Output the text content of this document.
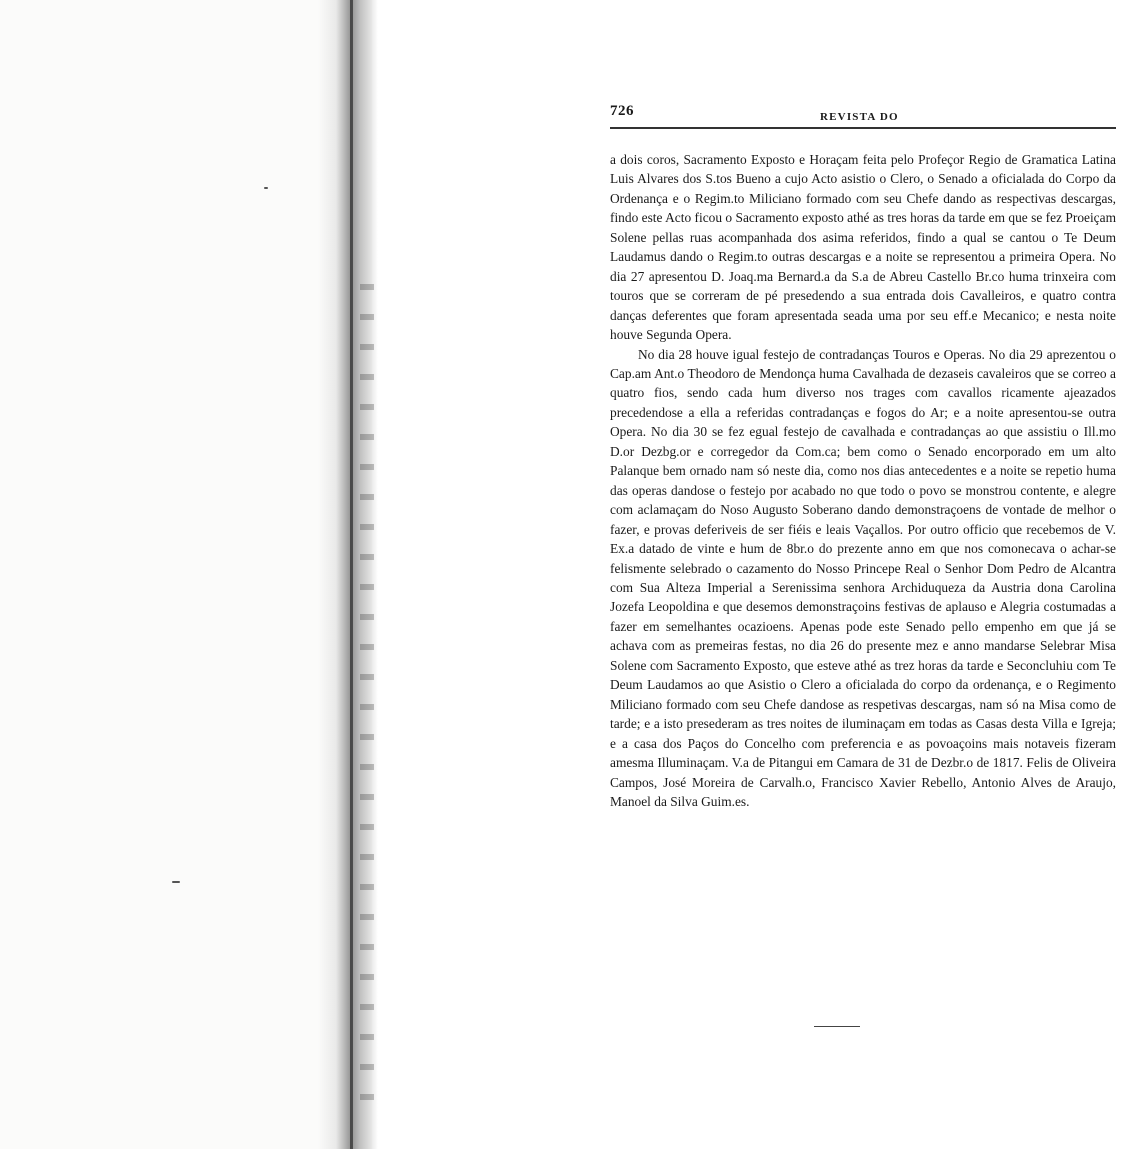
726	REVISTA DO

a dois coros, Sacramento Exposto e Horaçam feita pelo Profeçor Regio de Gramatica Latina Luis Alvares dos S.tos Bueno a cujo Acto asistio o Clero, o Senado a oficialada do Corpo da Ordenança e o Regim.to Miliciano formado com seu Chefe dando as respectivas descargas, findo este Acto ficou o Sacramento exposto athé as tres horas da tarde em que se fez Proeiçam Solene pellas ruas acompanhada dos asima referidos, findo a qual se cantou o Te Deum Laudamus dando o Regim.to outras descargas e a noite se representou a primeira Opera. No dia 27 apresentou D. Joaq.ma Bernard.a da S.a de Abreu Castello Br.co huma trinxeira com touros que se correram de pé presedendo a sua entrada dois Cavalleiros, e quatro contra danças deferentes que foram apresentada seada uma por seu eff.e Mecanico; e nesta noite houve Segunda Opera.

No dia 28 houve igual festejo de contradanças Touros e Operas. No dia 29 aprezentou o Cap.am Ant.o Theodoro de Mendonça huma Cavalhada de dezaseis cavaleiros que se correo a quatro fios, sendo cada hum diverso nos trages com cavallos ricamente ajeazados precedendose a ella a referidas contradanças e fogos do Ar; e a noite apresentou-se outra Opera. No dia 30 se fez egual festejo de cavalhada e contradanças ao que assistiu o Ill.mo D.or Dezbg.or e corregedor da Com.ca; bem como o Senado encorporado em um alto Palanque bem ornado nam só neste dia, como nos dias antecedentes e a noite se repetio huma das operas dandose o festejo por acabado no que todo o povo se monstrou contente, e alegre com aclamaçam do Noso Augusto Soberano dando demonstraçoens de vontade de melhor o fazer, e provas deferiveis de ser fiéis e leais Vaçallos. Por outro officio que recebemos de V. Ex.a datado de vinte e hum de 8br.o do prezente anno em que nos comonecava o achar-se felismente selebrado o cazamento do Nosso Princepe Real o Senhor Dom Pedro de Alcantra com Sua Alteza Imperial a Serenissima senhora Archiduqueza da Austria dona Carolina Jozefa Leopoldina e que desemos demonstraçoins festivas de aplauso e Alegria costumadas a fazer em semelhantes ocazioens. Apenas pode este Senado pello empenho em que já se achava com as premeiras festas, no dia 26 do presente mez e anno mandarse Selebrar Misa Solene com Sacramento Exposto, que esteve athé as trez horas da tarde e Seconcluhiu com Te Deum Laudamos ao que Asistio o Clero a oficialada do corpo da ordenança, e o Regimento Miliciano formado com seu Chefe dandose as respetivas descargas, nam só na Misa como de tarde; e a isto presederam as tres noites de iluminaçam em todas as Casas desta Villa e Igreja; e a casa dos Paços do Concelho com preferencia e as povoaçoins mais notaveis fizeram amesma Illuminaçam. V.a de Pitangui em Camara de 31 de Dezbr.o de 1817. Felis de Oliveira Campos, José Moreira de Carvalh.o, Francisco Xavier Rebello, Antonio Alves de Araujo, Manoel da Silva Guim.es.
